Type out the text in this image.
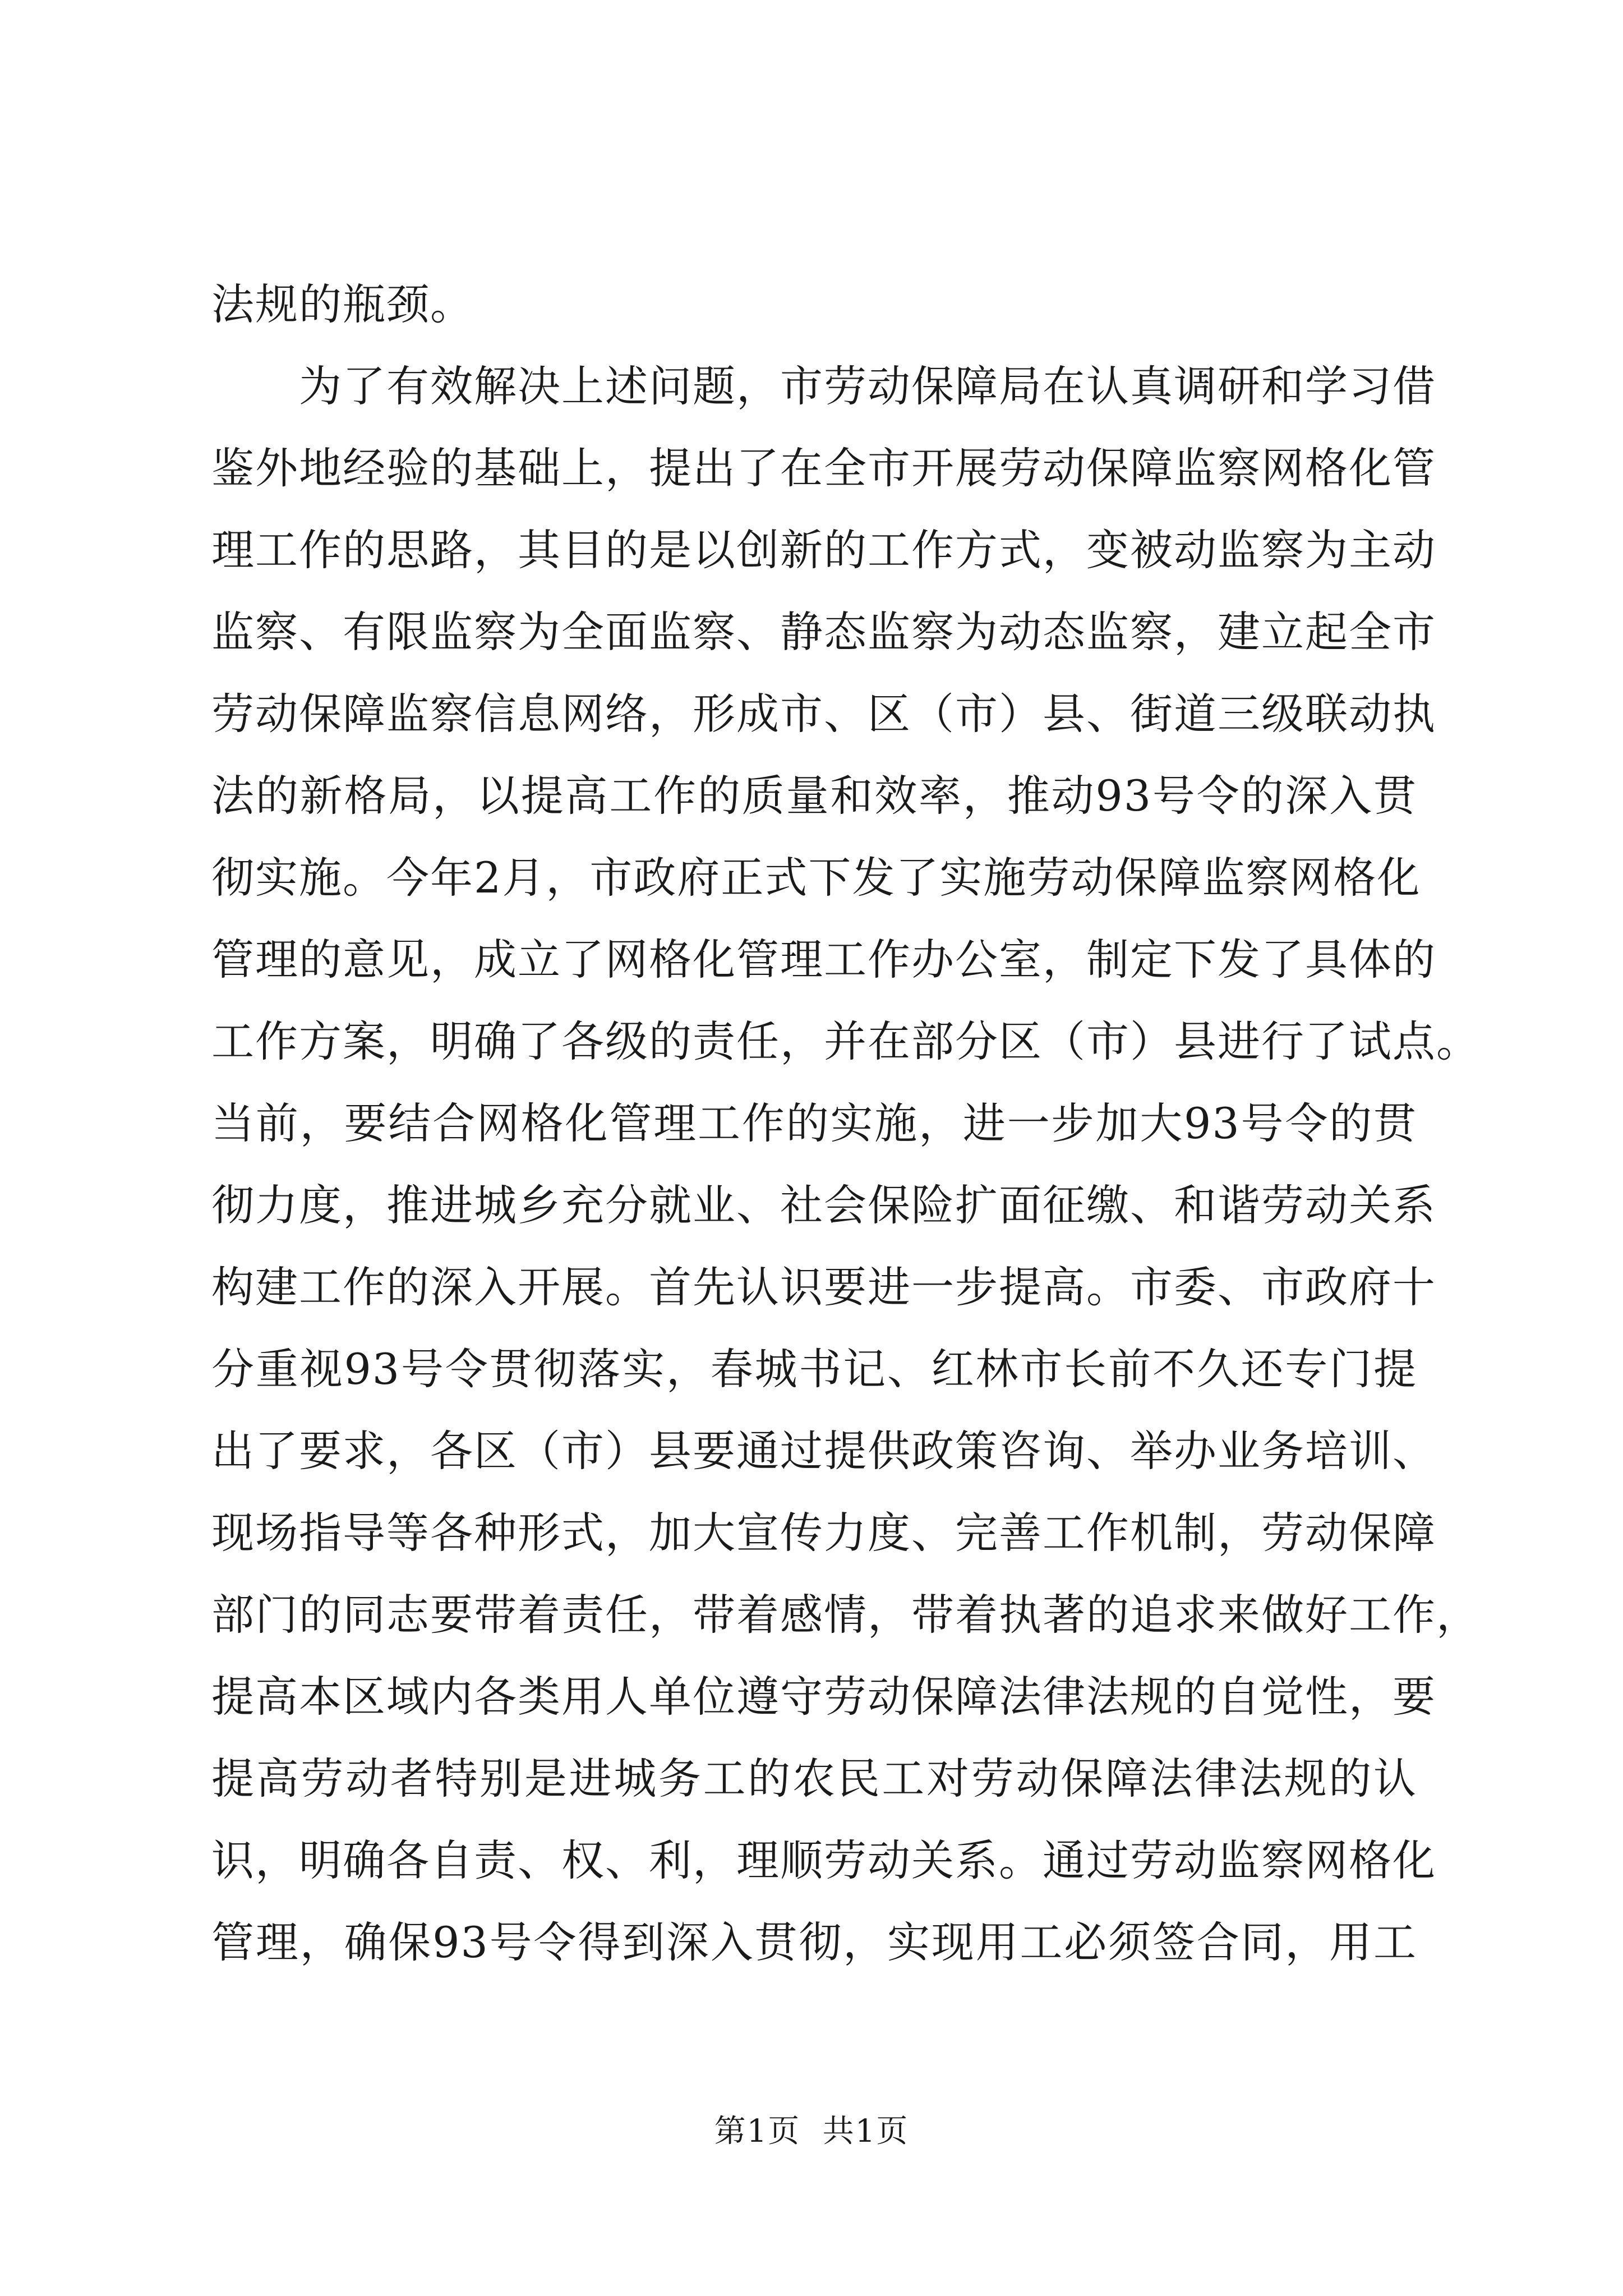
法规的瓶颈。
为了有效解决上述问题，市劳动保障局在认真调研和学习借
鉴外地经验的基础上，提出了在全市开展劳动保障监察网格化管
理工作的思路，其目的是以创新的工作方式，变被动监察为主动
监察、有限监察为全面监察、静态监察为动态监察，建立起全市
劳动保障监察信息网络，形成市、区（市）县、街道三级联动执
法的新格局，以提高工作的质量和效率，推动93号令的深入贯
彻实施。今年2月，市政府正式下发了实施劳动保障监察网格化
管理的意见，成立了网格化管理工作办公室，制定下发了具体的
工作方案，明确了各级的责任，并在部分区（市）县进行了试点。
当前，要结合网格化管理工作的实施，进一步加大93号令的贯
彻力度，推进城乡充分就业、社会保险扩面征缴、和谐劳动关系
构建工作的深入开展。首先认识要进一步提高。市委、市政府十
分重视93号令贯彻落实，春城书记、红林市长前不久还专门提
出了要求，各区（市）县要通过提供政策咨询、举办业务培训、
现场指导等各种形式，加大宣传力度、完善工作机制，劳动保障
部门的同志要带着责任，带着感情，带着执著的追求来做好工作，
提高本区域内各类用人单位遵守劳动保障法律法规的自觉性，要
提高劳动者特别是进城务工的农民工对劳动保障法律法规的认
识，明确各自责、权、利，理顺劳动关系。通过劳动监察网格化
管理，确保93号令得到深入贯彻，实现用工必须签合同，用工
第1页  共1页
